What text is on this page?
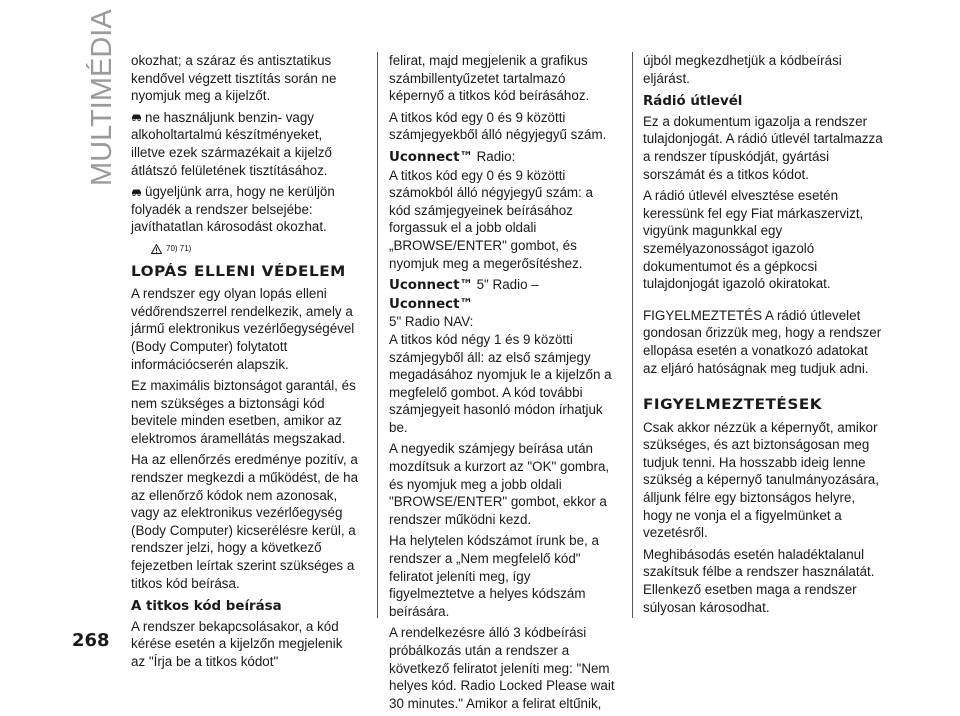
MULTIMÉDIA
268

okozhat; a száraz és antisztatikus kendővel végzett tisztítás során ne nyomjuk meg a kijelzőt.

ne használjunk benzin- vagy alkoholtartalmú készítményeket, illetve ezek származékait a kijelző átlátszó felületének tisztításához.

ügyeljünk arra, hogy ne kerüljön folyadék a rendszer belsejébe: javíthatatlan károsodást okozhat.

70) 71)
LOPÁS ELLENI VÉDELEM

A rendszer egy olyan lopás elleni védőrendszerrel rendelkezik, amely a jármű elektronikus vezérlőegységével (Body Computer) folytatott információcserén alapszik.

Ez maximális biztonságot garantál, és nem szükséges a biztonsági kód bevitele minden esetben, amikor az elektromos áramellátás megszakad.

Ha az ellenőrzés eredménye pozitív, a rendszer megkezdi a működést, de ha az ellenőrző kódok nem azonosak, vagy az elektronikus vezérlőegység (Body Computer) kicserélésre kerül, a rendszer jelzi, hogy a következő fejezetben leírtak szerint szükséges a titkos kód beírása.

A titkos kód beírása

A rendszer bekapcsolásakor, a kód kérése esetén a kijelzőn megjelenik az "Írja be a titkos kódot"

felirat, majd megjelenik a grafikus számbillentyűzetet tartalmazó képernyő a titkos kód beírásához.

A titkos kód egy 0 és 9 közötti számjegyekből álló négyjegyű szám.

Uconnect™ Radio:

A titkos kód egy 0 és 9 közötti számokból álló négyjegyű szám: a kód számjegyeinek beírásához forgassuk el a jobb oldali „BROWSE/ENTER" gombot, és nyomjuk meg a megerősítéshez.

Uconnect™ 5" Radio – Uconnect™
5" Radio NAV:

A titkos kód négy 1 és 9 közötti számjegyből áll: az első számjegy megadásához nyomjuk le a kijelzőn a megfelelő gombot. A kód további számjegyeit hasonló módon írhatjuk be.

A negyedik számjegy beírása után mozdítsuk a kurzort az "OK" gombra, és nyomjuk meg a jobb oldali "BROWSE/ENTER" gombot, ekkor a rendszer működni kezd.

Ha helytelen kódszámot írunk be, a rendszer a „Nem megfelelő kód" feliratot jeleníti meg, így figyelmeztetve a helyes kódszám beírására.

A rendelkezésre álló 3 kódbeírási próbálkozás után a rendszer a következő feliratot jeleníti meg: "Nem helyes kód. Radio Locked Please wait 30 minutes." Amikor a felirat eltűnik,

újból megkezdhetjük a kódbeírási eljárást.

Rádió útlevél

Ez a dokumentum igazolja a rendszer tulajdonjogát. A rádió útlevél tartalmazza a rendszer típuskódját, gyártási sorszámát és a titkos kódot.

A rádió útlevél elvesztése esetén keressünk fel egy Fiat márkaszervizt, vigyünk magunkkal egy személyazonosságot igazoló dokumentumot és a gépkocsi tulajdonjogát igazoló okiratokat.

FIGYELMEZTETÉS A rádió útlevelet gondosan őrizzük meg, hogy a rendszer ellopása esetén a vonatkozó adatokat az eljáró hatóságnak meg tudjuk adni.

FIGYELMEZTETÉSEK

Csak akkor nézzük a képernyőt, amikor szükséges, és azt biztonságosan meg tudjuk tenni. Ha hosszabb ideig lenne szükség a képernyő tanulmányozására, álljunk félre egy biztonságos helyre, hogy ne vonja el a figyelmünket a vezetésről.

Meghibásodás esetén haladéktalanul szakítsuk félbe a rendszer használatát. Ellenkező esetben maga a rendszer súlyosan károsodhat.
